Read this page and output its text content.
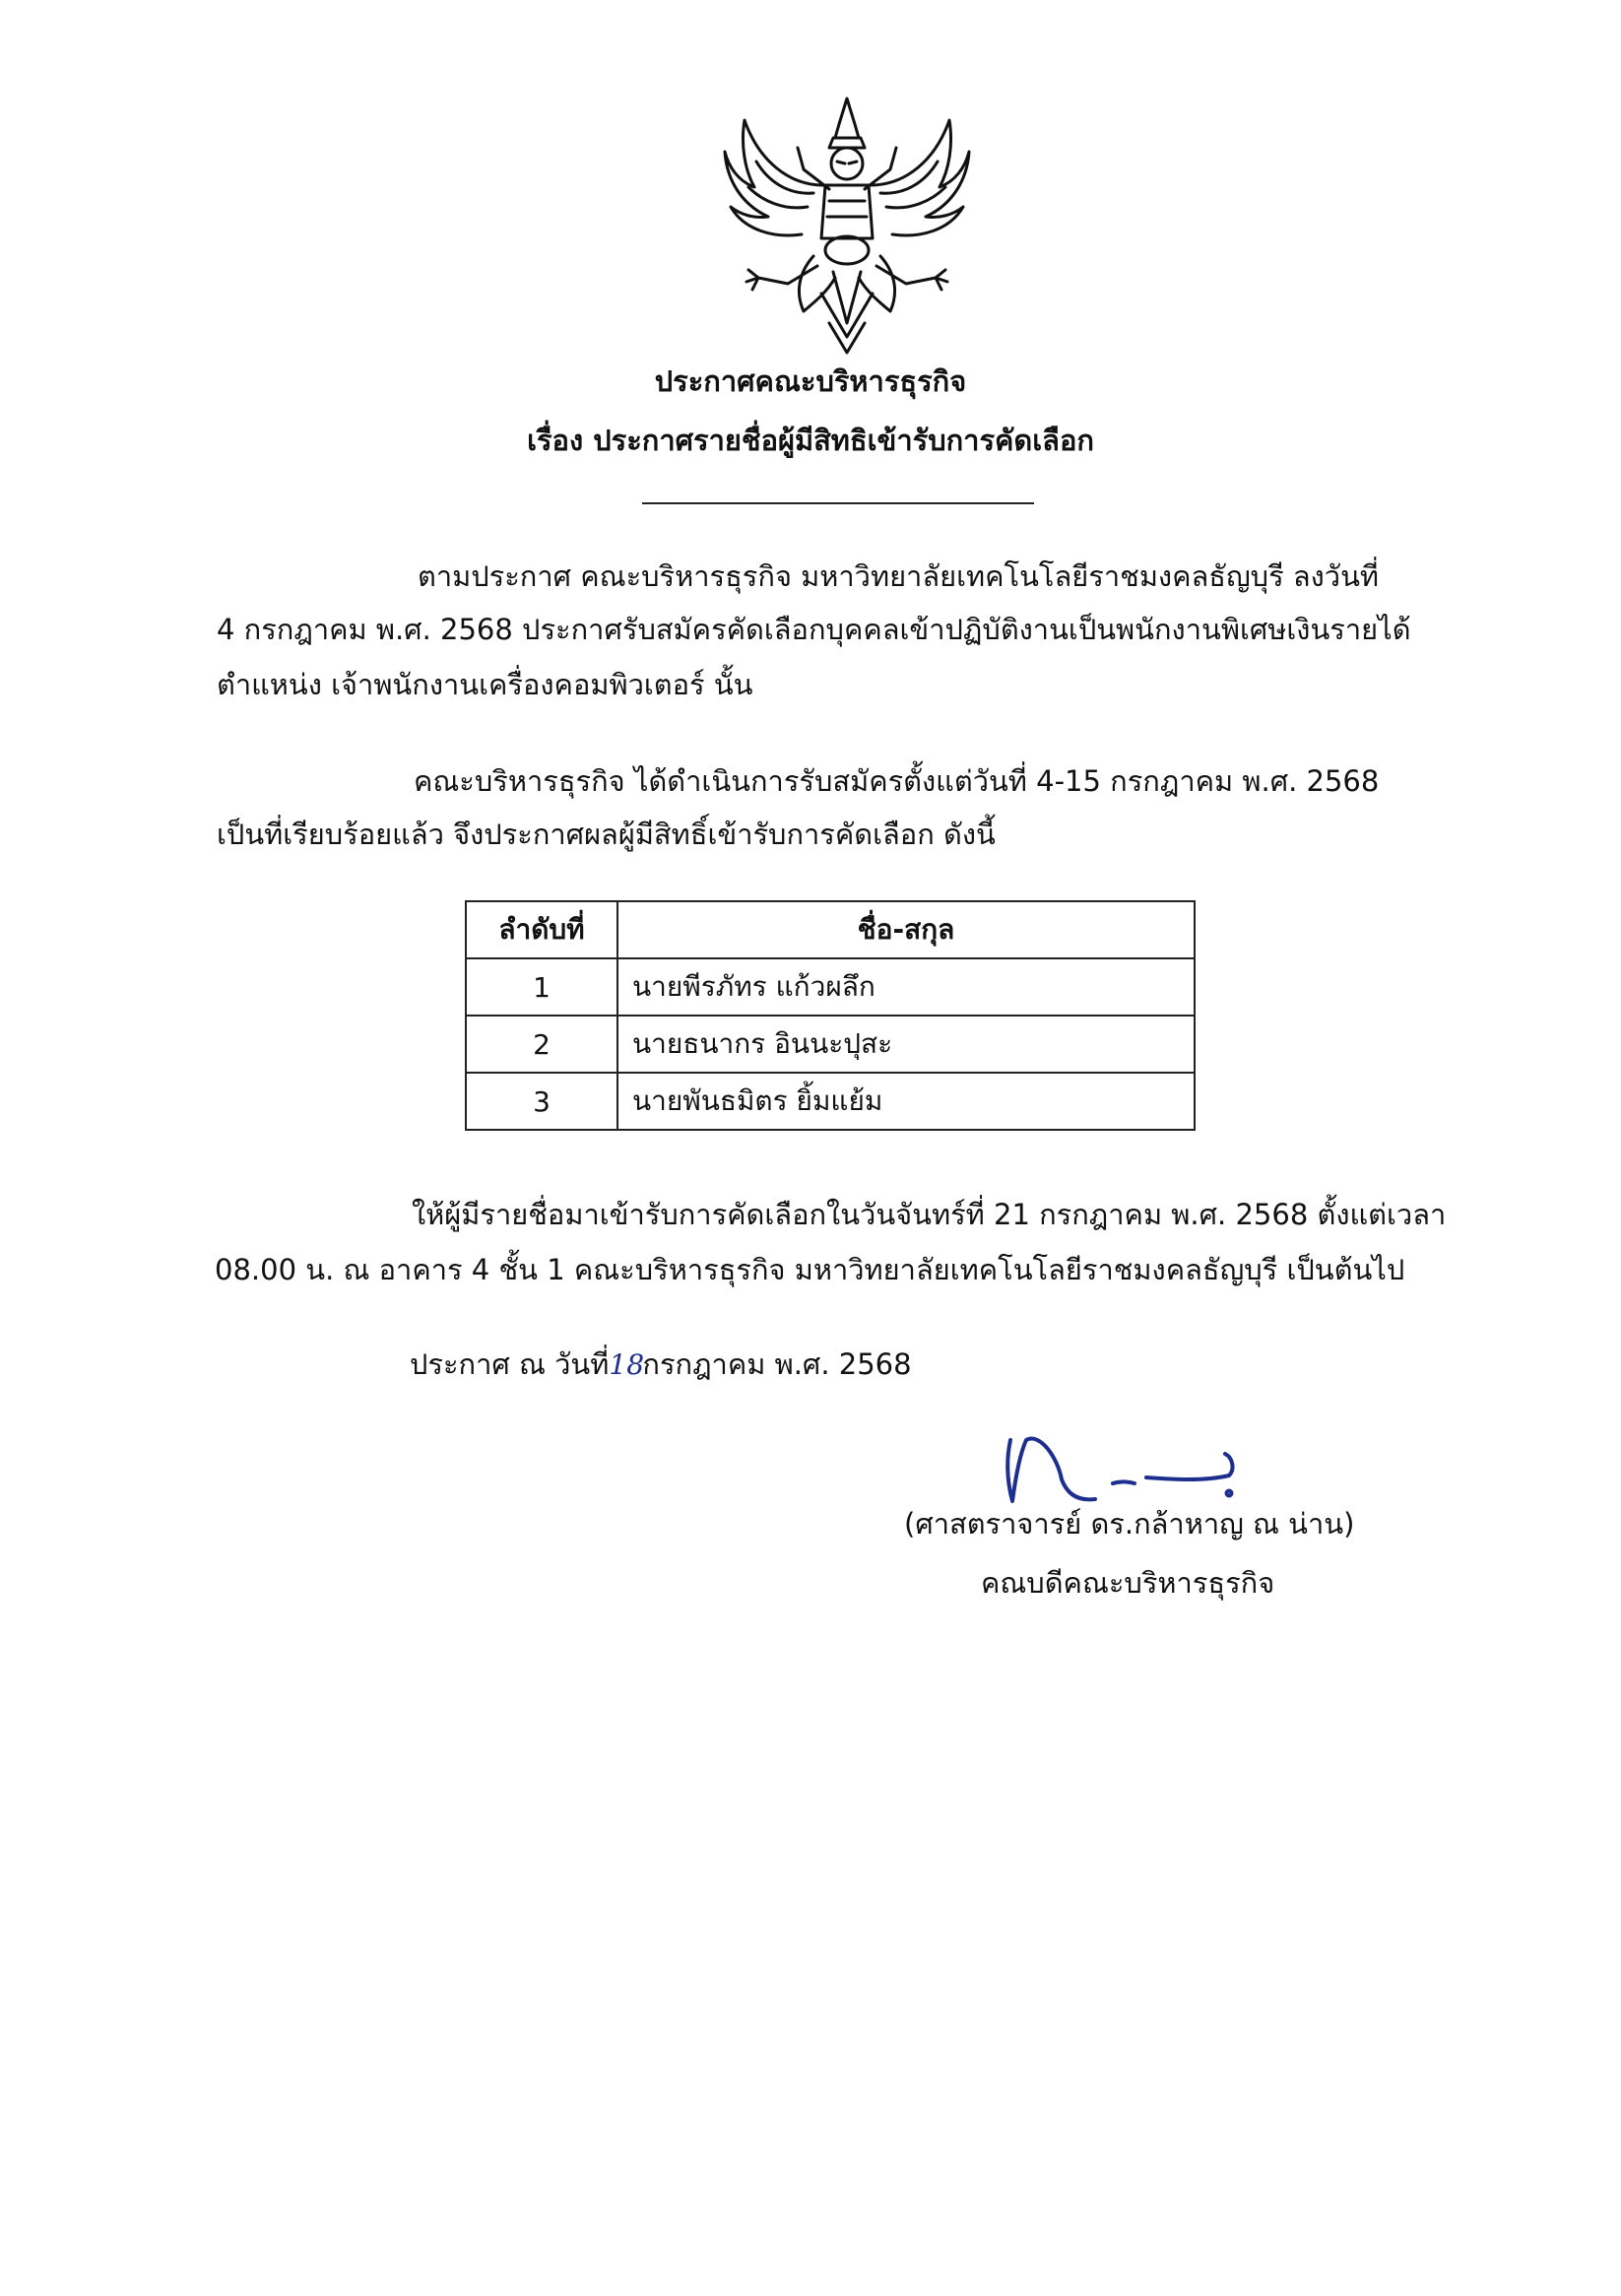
ประกาศคณะบริหารธุรกิจ
เรื่อง ประกาศรายชื่อผู้มีสิทธิเข้ารับการคัดเลือก
ตามประกาศ คณะบริหารธุรกิจ มหาวิทยาลัยเทคโนโลยีราชมงคลธัญบุรี ลงวันที่
4 กรกฎาคม พ.ศ. 2568 ประกาศรับสมัครคัดเลือกบุคคลเข้าปฏิบัติงานเป็นพนักงานพิเศษเงินรายได้
ตำแหน่ง เจ้าพนักงานเครื่องคอมพิวเตอร์ นั้น
คณะบริหารธุรกิจ ได้ดำเนินการรับสมัครตั้งแต่วันที่ 4-15 กรกฎาคม พ.ศ. 2568
เป็นที่เรียบร้อยแล้ว จึงประกาศผลผู้มีสิทธิ์เข้ารับการคัดเลือก ดังนี้
ลำดับที่	ชื่อ-สกุล
1	นายพีรภัทร แก้วผลึก
2	นายธนากร อินนะปุสะ
3	นายพันธมิตร ยิ้มแย้ม
ให้ผู้มีรายชื่อมาเข้ารับการคัดเลือกในวันจันทร์ที่ 21 กรกฎาคม พ.ศ. 2568 ตั้งแต่เวลา
08.00 น. ณ อาคาร 4 ชั้น 1 คณะบริหารธุรกิจ มหาวิทยาลัยเทคโนโลยีราชมงคลธัญบุรี เป็นต้นไป
ประกาศ ณ วันที่18กรกฎาคม พ.ศ. 2568
(ศาสตราจารย์ ดร.กล้าหาญ ณ น่าน)
คณบดีคณะบริหารธุรกิจ
